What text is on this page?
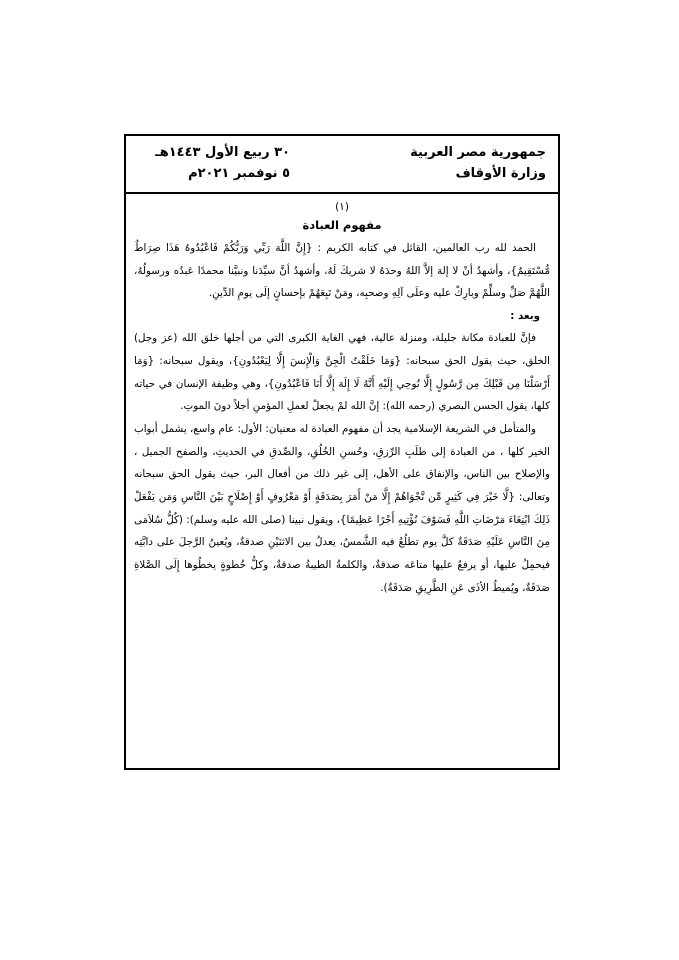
جمهورية مصر العربية
وزارة الأوقاف
٣٠ ربيع الأول ١٤٤٣هـ
٥ نوفمبر ٢٠٢١م
(١)
مفهوم العبادة

الحمد لله رب العالمين، القائل في كتابه الكريم : {إِنَّ اللَّهَ رَبِّي وَرَبُّكُمْ فَاعْبُدُوهُ هَذَا صِرَاطٌ مُّسْتَقِيمٌ}، وأشهدُ أنْ لا إلهَ إلاَّ اللهُ وحدَهُ لا شريكَ لَهُ، وأشهدُ أنَّ سيِّدَنا ونبيَّنا محمدًا عَبدُه ورسولُهُ، اللَّهُمَّ صَلِّ وسلِّمْ وبارِكْ عليه وعلَى آلِهِ وصحبِه، ومَنْ تَبِعَهُمْ بإحسانٍ إلَى يومِ الدِّينِ.

وبعد :

فإنَّ للعبادة مكانة جليلة، ومنزلة عالية، فهي الغاية الكبرى التي من أجلها خلق الله (عز وجل) الخلق، حيث يقول الحق سبحانه: {وَمَا خَلَقْتُ الْجِنَّ وَالْإِنسَ إِلَّا لِيَعْبُدُونِ}، ويقول سبحانه: {وَمَا أَرْسَلْنَا مِن قَبْلِكَ مِن رَّسُولٍ إِلَّا نُوحِي إِلَيْهِ أَنَّهُ لَا إِلَهَ إِلَّا أَنَا فَاعْبُدُونِ}، وهي وظيفة الإنسان في حياته كلها، يقول الحسن البصري (رحمه الله): إنَّ الله لمْ يجعلْ لعملِ المؤمنِ أجلاً دونَ الموتِ.

والمتأمل في الشريعة الإسلامية يجد أن مفهوم العبادة له معنيان: الأول: عام واسع، يشمل أبواب الخير كلها ، من العبادة إلى طلَبِ الرِّزقِ، وحُسنِ الخُلُقِ، والصِّدقِ في الحديثِ، والصفح الجميل ، والإصلاح بين الناس، والإنفاق على الأهل، إلى غير ذلك من أفعال البر، حيث يقول الحق سبحانه وتعالى: {لَّا خَيْرَ فِي كَثِيرٍ مِّن نَّجْوَاهُمْ إِلَّا مَنْ أَمَرَ بِصَدَقَةٍ أَوْ مَعْرُوفٍ أَوْ إِصْلَاحٍ بَيْنَ النَّاسِ وَمَن يَفْعَلْ ذَلِكَ ابْتِغَاءَ مَرْضَاتِ اللَّهِ فَسَوْفَ نُؤْتِيهِ أَجْرًا عَظِيمًا}، ويقول نبينا (صلى الله عليه وسلم): (كُلُّ سُلاَمَى مِنَ النَّاسِ عَلَيْهِ صَدَقَةٌ كلَّ يوم تطلُعُ فيه الشَّمسُ، يعدلُ بين الاثنَيْنِ صدقةٌ، ويُعينُ الرَّجلَ على دابَّتِه فيحمِلُ عليها، أو يرفعُ عليها متاعَه صدقةٌ، والكلمةُ الطيبةُ صدقةٌ، وكلُّ خُطوةٍ يخطُوها إِلَى الصَّلاةِ صَدَقَةٌ، ويُميطُ الأذَى عَنِ الطَّرِيقِ صَدَقَةٌ).
